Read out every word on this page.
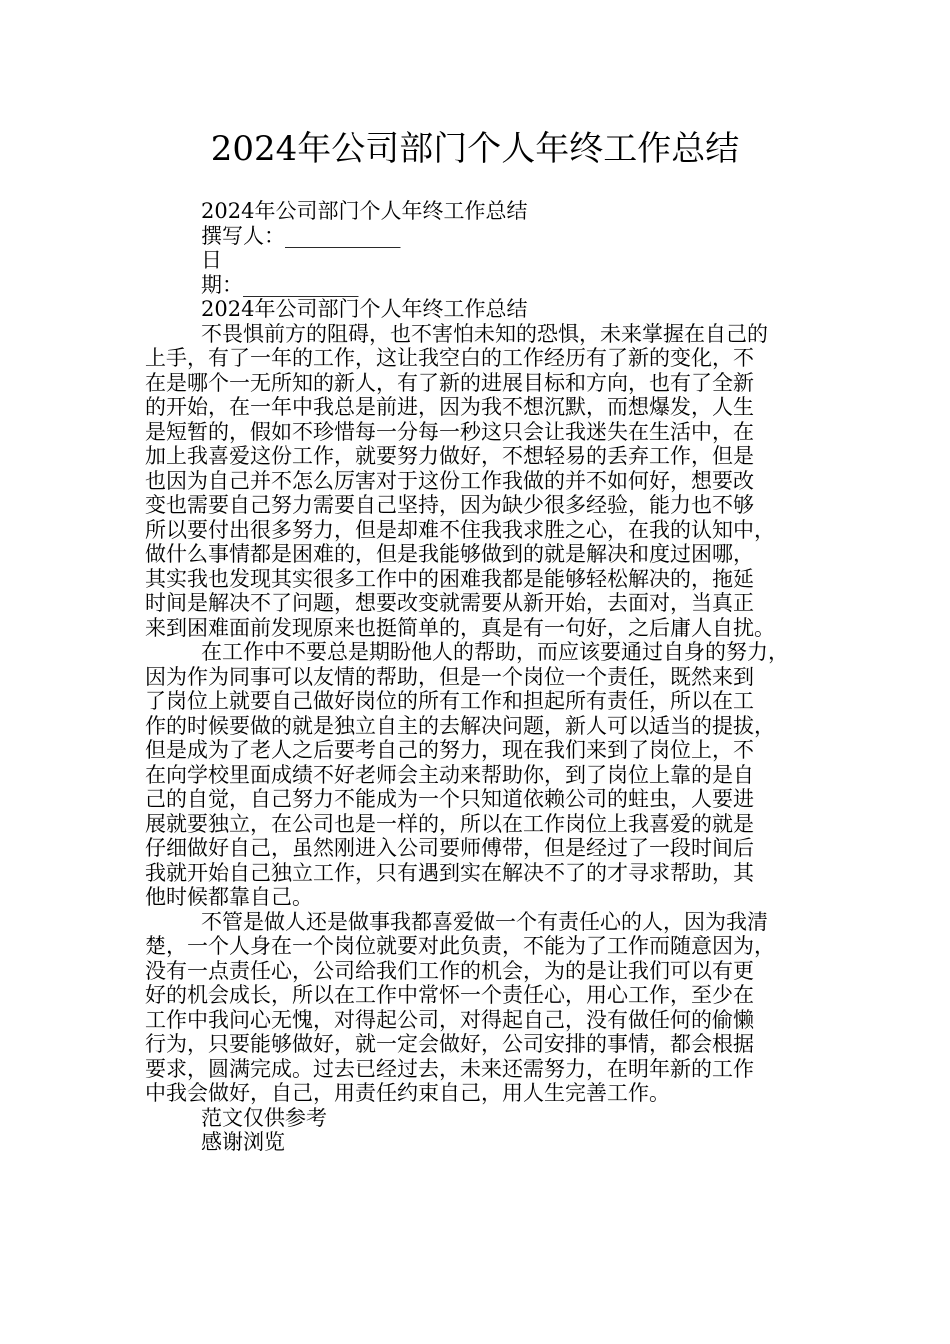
2024年公司部门个人年终工作总结
2024年公司部门个人年终工作总结
撰写人：___________
日
期：___________
2024年公司部门个人年终工作总结

不畏惧前方的阻碍，也不害怕未知的恐惧，未来掌握在自己的
上手，有了一年的工作，这让我空白的工作经历有了新的变化，不
在是哪个一无所知的新人，有了新的进展目标和方向，也有了全新
的开始，在一年中我总是前进，因为我不想沉默，而想爆发，人生
是短暂的，假如不珍惜每一分每一秒这只会让我迷失在生活中，在
加上我喜爱这份工作，就要努力做好，不想轻易的丢弃工作，但是
也因为自己并不怎么厉害对于这份工作我做的并不如何好，想要改
变也需要自己努力需要自己坚持，因为缺少很多经验，能力也不够
所以要付出很多努力，但是却难不住我我求胜之心，在我的认知中，
做什么事情都是困难的，但是我能够做到的就是解决和度过困哪，
其实我也发现其实很多工作中的困难我都是能够轻松解决的，拖延
时间是解决不了问题，想要改变就需要从新开始，去面对，当真正
来到困难面前发现原来也挺简单的，真是有一句好，之后庸人自扰。

在工作中不要总是期盼他人的帮助，而应该要通过自身的努力，
因为作为同事可以友情的帮助，但是一个岗位一个责任，既然来到
了岗位上就要自己做好岗位的所有工作和担起所有责任，所以在工
作的时候要做的就是独立自主的去解决问题，新人可以适当的提拔，
但是成为了老人之后要考自己的努力，现在我们来到了岗位上，不
在向学校里面成绩不好老师会主动来帮助你，到了岗位上靠的是自
己的自觉，自己努力不能成为一个只知道依赖公司的蛀虫，人要进
展就要独立，在公司也是一样的，所以在工作岗位上我喜爱的就是
仔细做好自己，虽然刚进入公司要师傅带，但是经过了一段时间后
我就开始自己独立工作，只有遇到实在解决不了的才寻求帮助，其
他时候都靠自己。

不管是做人还是做事我都喜爱做一个有责任心的人，因为我清
楚，一个人身在一个岗位就要对此负责，不能为了工作而随意因为，
没有一点责任心，公司给我们工作的机会，为的是让我们可以有更
好的机会成长，所以在工作中常怀一个责任心，用心工作，至少在
工作中我问心无愧，对得起公司，对得起自己，没有做任何的偷懒
行为，只要能够做好，就一定会做好，公司安排的事情，都会根据
要求，圆满完成。过去已经过去，未来还需努力，在明年新的工作
中我会做好，自己，用责任约束自己，用人生完善工作。

范文仅供参考
感谢浏览
